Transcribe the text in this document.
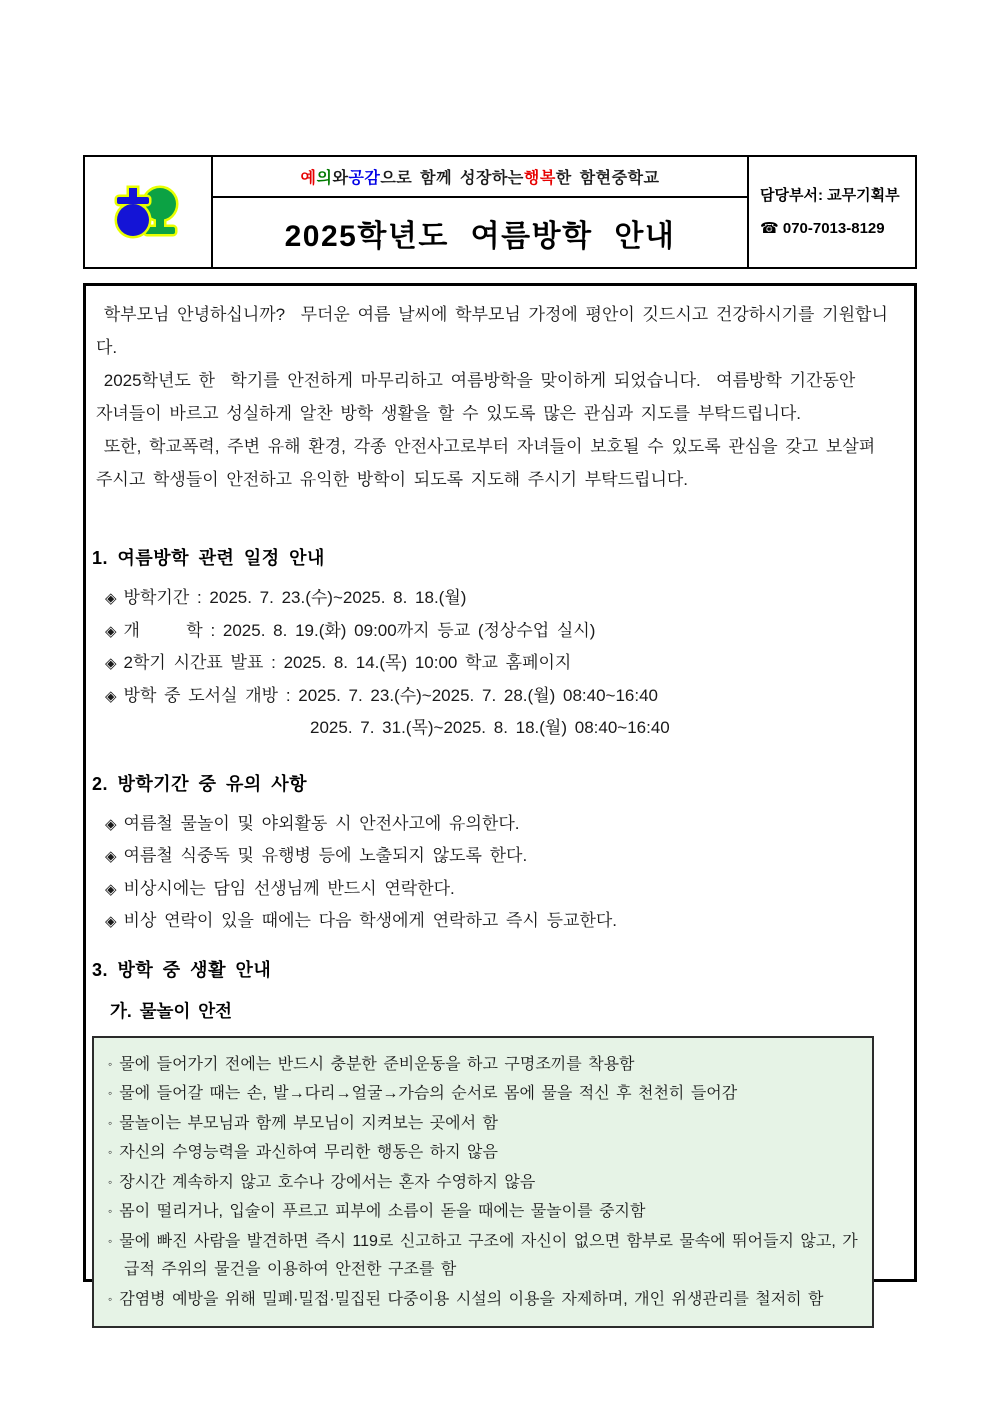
예 의 와 공감 으로 함께 성장하는 행복 한 함현중학교
2025학년도 여름방학 안내
담당부서: 교무기획부
☎ 070-7013-8129
학부모님 안녕하십니까?  무더운 여름 날씨에 학부모님 가정에 평안이 깃드시고 건강하시기를 기원합니다.
2025학년도 한  학기를 안전하게 마무리하고 여름방학을 맞이하게 되었습니다.  여름방학 기간동안
자녀들이 바르고 성실하게 알찬 방학 생활을 할 수 있도록 많은 관심과 지도를 부탁드립니다.
또한, 학교폭력, 주변 유해 환경, 각종 안전사고로부터 자녀들이 보호될 수 있도록 관심을 갖고 보살펴
주시고 학생들이 안전하고 유익한 방학이 되도록 지도해 주시기 부탁드립니다.
1. 여름방학 관련 일정 안내
◈ 방학기간 : 2025. 7. 23.(수)~2025. 8. 18.(월)
◈ 개      학 : 2025. 8. 19.(화) 09:00까지 등교 (정상수업 실시)
◈ 2학기 시간표 발표 : 2025. 8. 14.(목) 10:00 학교 홈페이지
◈ 방학 중 도서실 개방 : 2025. 7. 23.(수)~2025. 7. 28.(월) 08:40~16:40
2025. 7. 31.(목)~2025. 8. 18.(월) 08:40~16:40
2. 방학기간 중 유의 사항
◈ 여름철 물놀이 및 야외활동 시 안전사고에 유의한다.
◈ 여름철 식중독 및 유행병 등에 노출되지 않도록 한다.
◈ 비상시에는 담임 선생님께 반드시 연락한다.
◈ 비상 연락이 있을 때에는 다음 학생에게 연락하고 즉시 등교한다.
3. 방학 중 생활 안내
가. 물놀이 안전
◦ 물에 들어가기 전에는 반드시 충분한 준비운동을 하고 구명조끼를 착용함
◦ 물에 들어갈 때는 손, 발→다리→얼굴→가슴의 순서로 몸에 물을 적신 후 천천히 들어감
◦ 물놀이는 부모님과 함께 부모님이 지켜보는 곳에서 함
◦ 자신의 수영능력을 과신하여 무리한 행동은 하지 않음
◦ 장시간 계속하지 않고 호수나 강에서는 혼자 수영하지 않음
◦ 몸이 떨리거나, 입술이 푸르고 피부에 소름이 돋을 때에는 물놀이를 중지함
◦ 물에 빠진 사람을 발견하면 즉시 119로 신고하고 구조에 자신이 없으면 함부로 물속에 뛰어들지 않고, 가급적 주위의 물건을 이용하여 안전한 구조를 함
◦ 감염병 예방을 위해 밀폐·밀접·밀집된 다중이용 시설의 이용을 자제하며, 개인 위생관리를 철저히 함
